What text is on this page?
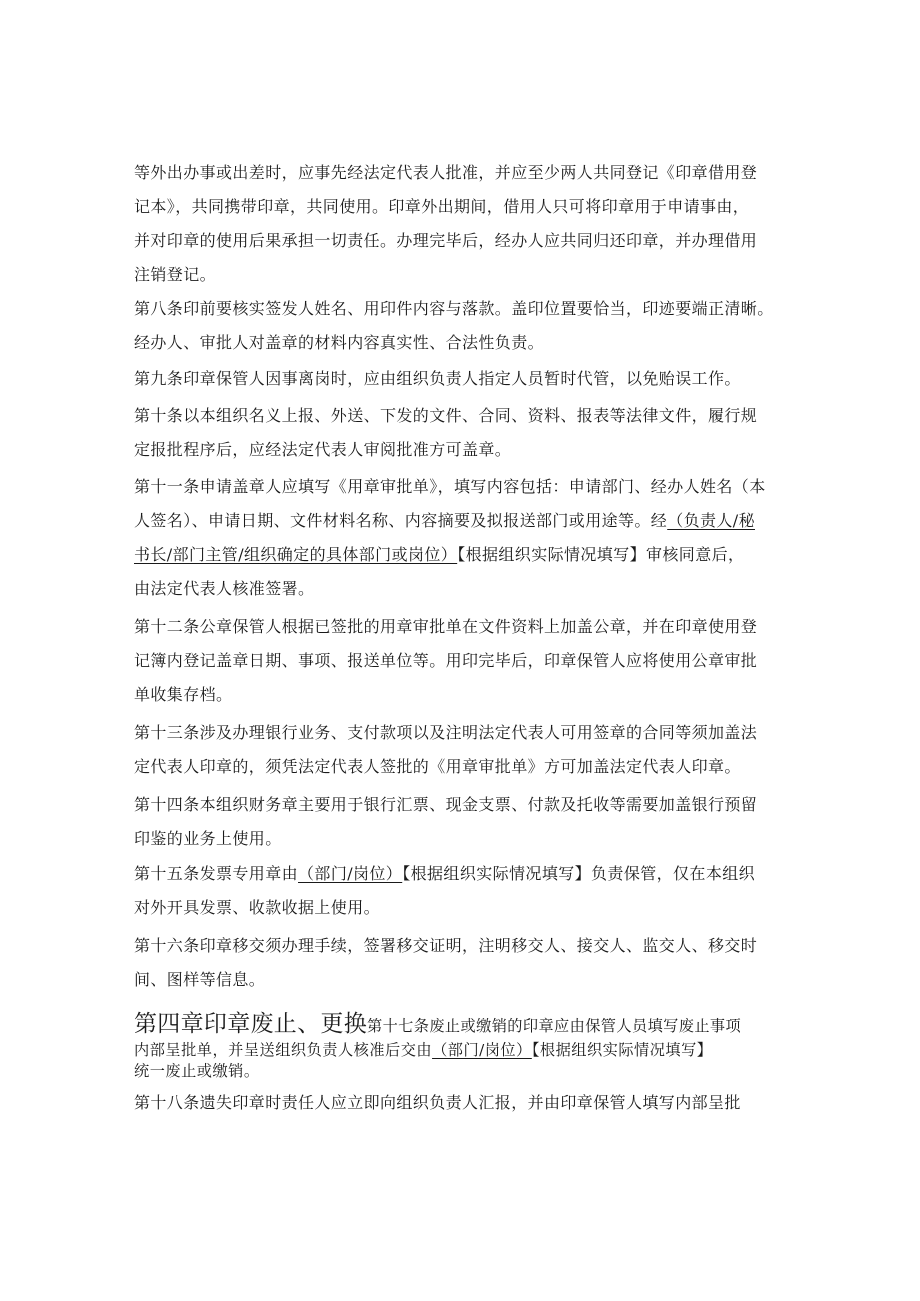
等外出办事或出差时，应事先经法定代表人批准，并应至少两人共同登记《印章借用登
记本》，共同携带印章，共同使用。印章外出期间，借用人只可将印章用于申请事由，
并对印章的使用后果承担一切责任。办理完毕后，经办人应共同归还印章，并办理借用
注销登记。
第八条印前要核实签发人姓名、用印件内容与落款。盖印位置要恰当，印迹要端正清晰。
经办人、审批人对盖章的材料内容真实性、合法性负责。
第九条印章保管人因事离岗时，应由组织负责人指定人员暂时代管，以免贻误工作。
第十条以本组织名义上报、外送、下发的文件、合同、资料、报表等法律文件，履行规
定报批程序后，应经法定代表人审阅批准方可盖章。
第十一条申请盖章人应填写《用章审批单》，填写内容包括：申请部门、经办人姓名（本
人签名）、申请日期、文件材料名称、内容摘要及拟报送部门或用途等。经（负责人/秘
书长/部门主管/组织确定的具体部门或岗位）【根据组织实际情况填写】审核同意后，
由法定代表人核准签署。
第十二条公章保管人根据已签批的用章审批单在文件资料上加盖公章，并在印章使用登
记簿内登记盖章日期、事项、报送单位等。用印完毕后，印章保管人应将使用公章审批
单收集存档。
第十三条涉及办理银行业务、支付款项以及注明法定代表人可用签章的合同等须加盖法
定代表人印章的，须凭法定代表人签批的《用章审批单》方可加盖法定代表人印章。
第十四条本组织财务章主要用于银行汇票、现金支票、付款及托收等需要加盖银行预留
印鉴的业务上使用。
第十五条发票专用章由（部门/岗位）【根据组织实际情况填写】负责保管，仅在本组织
对外开具发票、收款收据上使用。
第十六条印章移交须办理手续，签署移交证明，注明移交人、接交人、监交人、移交时
间、图样等信息。
第四章印章废止、更换第十七条废止或缴销的印章应由保管人员填写废止事项
内部呈批单，并呈送组织负责人核准后交由（部门/岗位）【根据组织实际情况填写】
统一废止或缴销。
第十八条遗失印章时责任人应立即向组织负责人汇报，并由印章保管人填写内部呈批
